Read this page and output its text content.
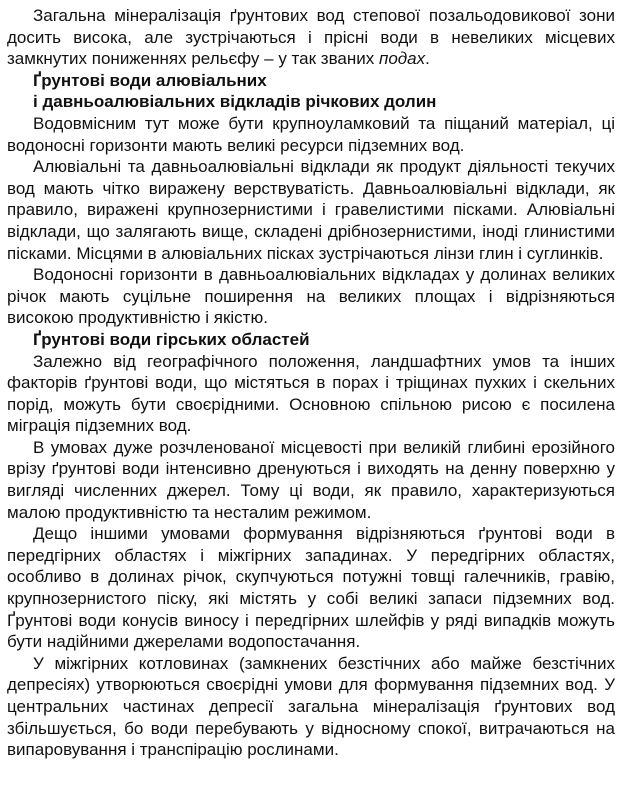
Загальна мінералізація ґрунтових вод степової позальодовикової зони досить висока, але зустрічаються і прісні води в невеликих місцевих замкнутих пониженнях рельєфу – у так званих подах.

Ґрунтові води алювіальних
і давньоалювіальних відкладів річкових долин

Водовмісним тут може бути крупноуламковий та піщаний матеріал, ці водоносні горизонти мають великі ресурси підземних вод.

Алювіальні та давньоалювіальні відклади як продукт діяльності текучих вод мають чітко виражену верствуватість. Давньоалювіальні відклади, як правило, виражені крупнозернистими і гравелистими пісками. Алювіальні відклади, що залягають вище, складені дрібнозернистими, іноді глинистими пісками. Місцями в алювіальних пісках зустрічаються лінзи глин і суглинків.

Водоносні горизонти в давньоалювіальних відкладах у долинах великих річок мають суцільне поширення на великих площах і відрізняються високою продуктивністю і якістю.

Ґрунтові води гірських областей

Залежно від географічного положення, ландшафтних умов та інших факторів ґрунтові води, що містяться в порах і тріщинах пухких і скельних порід, можуть бути своєрідними. Основною спільною рисою є посилена міграція підземних вод.

В умовах дуже розчленованої місцевості при великій глибині ерозійного врізу ґрунтові води інтенсивно дренуються і виходять на денну поверхню у вигляді численних джерел. Тому ці води, як правило, характеризуються малою продуктивністю та несталим режимом.

Дещо іншими умовами формування відрізняються ґрунтові води в передгірних областях і міжгірних западинах. У передгірних областях, особливо в долинах річок, скупчуються потужні товщі галечників, гравію, крупнозернистого піску, які містять у собі великі запаси підземних вод. Ґрунтові води конусів виносу і передгірних шлейфів у ряді випадків можуть бути надійними джерелами водопостачання.

У міжгірних котловинах (замкнених безстічних або майже безстічних депресіях) утворюються своєрідні умови для формування підземних вод. У центральних частинах депресії загальна мінералізація ґрунтових вод збільшується, бо води перебувають у відносному спокої, витрачаються на випаровування і транспірацію рослинами.
